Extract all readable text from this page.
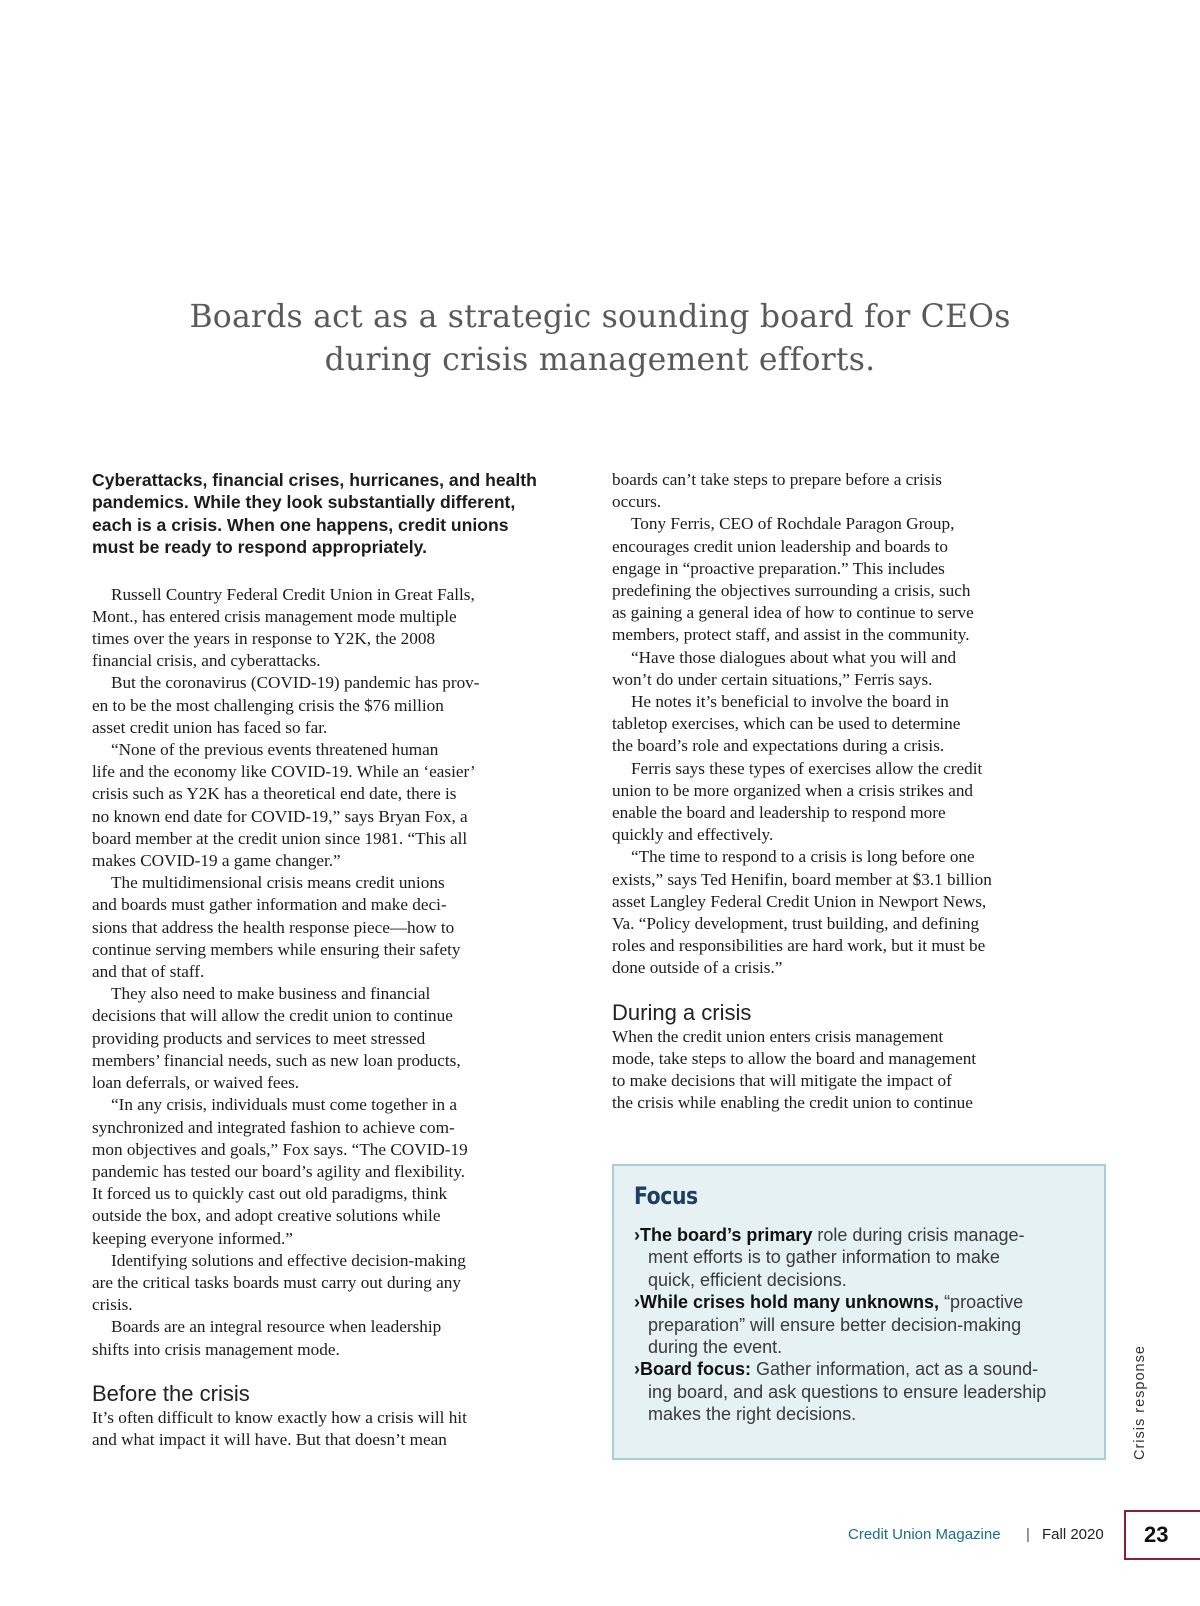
Boards act as a strategic sounding board for CEOs
during crisis management efforts.
Cyberattacks, financial crises, hurricanes, and health
pandemics. While they look substantially different,
each is a crisis. When one happens, credit unions
must be ready to respond appropriately.
Russell Country Federal Credit Union in Great Falls,
Mont., has entered crisis management mode multiple
times over the years in response to Y2K, the 2008
financial crisis, and cyberattacks.
But the coronavirus (COVID-19) pandemic has prov-
en to be the most challenging crisis the $76 million
asset credit union has faced so far.
“None of the previous events threatened human
life and the economy like COVID-19. While an ‘easier’
crisis such as Y2K has a theoretical end date, there is
no known end date for COVID-19,” says Bryan Fox, a
board member at the credit union since 1981. “This all
makes COVID-19 a game changer.”
The multidimensional crisis means credit unions
and boards must gather information and make deci-
sions that address the health response piece—how to
continue serving members while ensuring their safety
and that of staff.
They also need to make business and financial
decisions that will allow the credit union to continue
providing products and services to meet stressed
members’ financial needs, such as new loan products,
loan deferrals, or waived fees.
“In any crisis, individuals must come together in a
synchronized and integrated fashion to achieve com-
mon objectives and goals,” Fox says. “The COVID-19
pandemic has tested our board’s agility and flexibility.
It forced us to quickly cast out old paradigms, think
outside the box, and adopt creative solutions while
keeping everyone informed.”
Identifying solutions and effective decision-making
are the critical tasks boards must carry out during any
crisis.
Boards are an integral resource when leadership
shifts into crisis management mode.
Before the crisis
It’s often difficult to know exactly how a crisis will hit
and what impact it will have. But that doesn’t mean
boards can’t take steps to prepare before a crisis
occurs.
Tony Ferris, CEO of Rochdale Paragon Group,
encourages credit union leadership and boards to
engage in “proactive preparation.” This includes
predefining the objectives surrounding a crisis, such
as gaining a general idea of how to continue to serve
members, protect staff, and assist in the community.
“Have those dialogues about what you will and
won’t do under certain situations,” Ferris says.
He notes it’s beneficial to involve the board in
tabletop exercises, which can be used to determine
the board’s role and expectations during a crisis.
Ferris says these types of exercises allow the credit
union to be more organized when a crisis strikes and
enable the board and leadership to respond more
quickly and effectively.
“The time to respond to a crisis is long before one
exists,” says Ted Henifin, board member at $3.1 billion
asset Langley Federal Credit Union in Newport News,
Va. “Policy development, trust building, and defining
roles and responsibilities are hard work, but it must be
done outside of a crisis.”
During a crisis
When the credit union enters crisis management
mode, take steps to allow the board and management
to make decisions that will mitigate the impact of
the crisis while enabling the credit union to continue
Focus
›The board’s primary role during crisis manage-
ment efforts is to gather information to make
quick, efficient decisions.
›While crises hold many unknowns, “proactive
preparation” will ensure better decision-making
during the event.
›Board focus: Gather information, act as a sound-
ing board, and ask questions to ensure leadership
makes the right decisions.	Crisis response
Credit Union Magazine | Fall 2020	23
